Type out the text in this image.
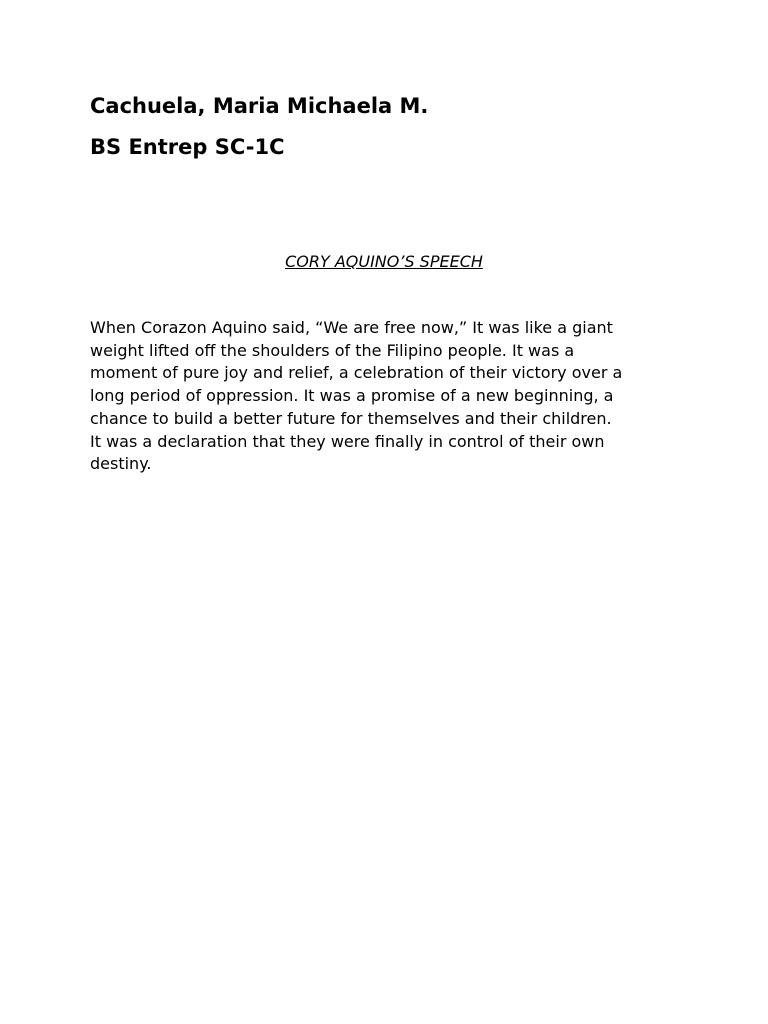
Cachuela, Maria Michaela M.
BS Entrep SC-1C

CORY AQUINO’S SPEECH

When Corazon Aquino said, “We are free now,” It was like a giant
weight lifted off the shoulders of the Filipino people. It was a
moment of pure joy and relief, a celebration of their victory over a
long period of oppression. It was a promise of a new beginning, a
chance to build a better future for themselves and their children.
It was a declaration that they were finally in control of their own
destiny.
